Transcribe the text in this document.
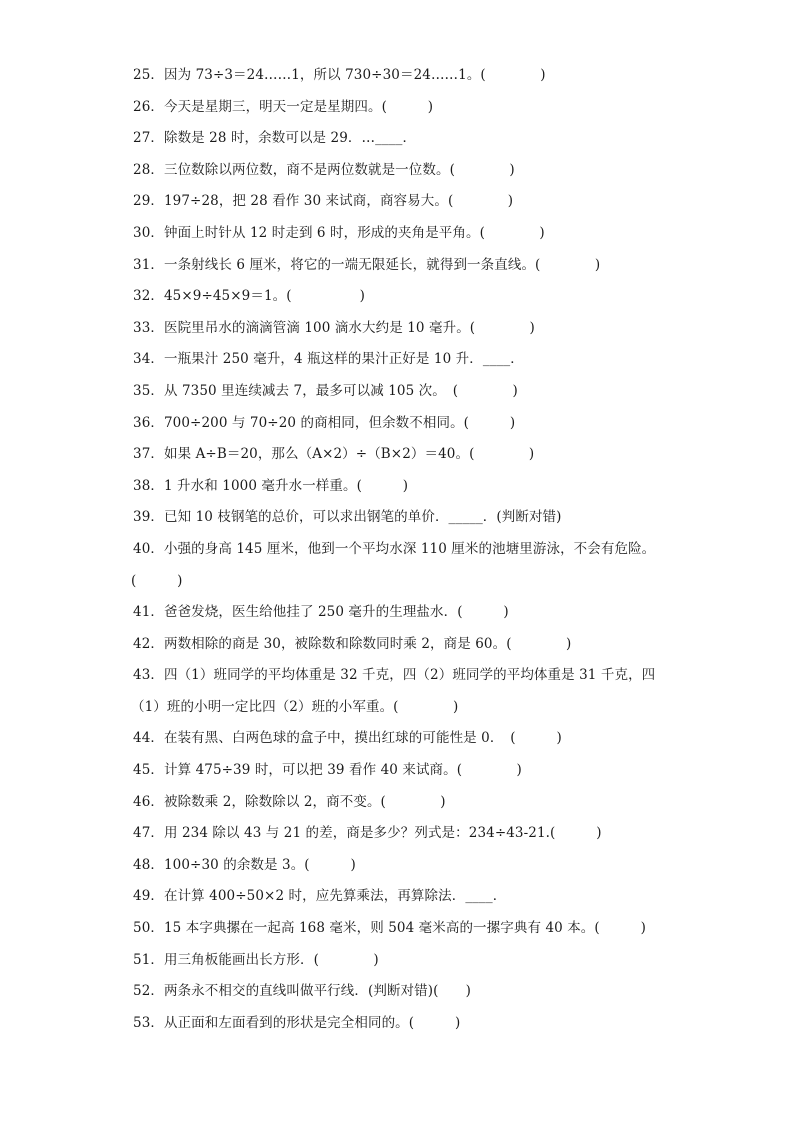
25．因为 73÷3＝24……1，所以 730÷30＝24……1。(　　　　)
26．今天是星期三，明天一定是星期四。(　　　)
27．除数是 28 时，余数可以是 29．…____．
28．三位数除以两位数，商不是两位数就是一位数。(　　　　)
29．197÷28，把 28 看作 30 来试商，商容易大。(　　　　)
30．钟面上时针从 12 时走到 6 时，形成的夹角是平角。(　　　　)
31．一条射线长 6 厘米，将它的一端无限延长，就得到一条直线。(　　　　)
32．45×9÷45×9＝1。(　　　　　)
33．医院里吊水的滴滴管滴 100 滴水大约是 10 毫升。(　　　　)
34．一瓶果汁 250 毫升，4 瓶这样的果汁正好是 10 升．____．
35．从 7350 里连续减去 7，最多可以减 105 次。　(　　　　)
36．700÷200 与 70÷20 的商相同，但余数不相同。(　　　)
37．如果 A÷B＝20，那么（A×2）÷（B×2）＝40。(　　　　)
38．1 升水和 1000 毫升水一样重。(　　　)
39．已知 10 枝钢笔的总价，可以求出钢笔的单价．_____．(判断对错)
40．小强的身高 145 厘米，他到一个平均水深 110 厘米的池塘里游泳，不会有危险。
(　　　)
41．爸爸发烧，医生给他挂了 250 毫升的生理盐水．(　　　)
42．两数相除的商是 30，被除数和除数同时乘 2，商是 60。(　　　　)
43．四（1）班同学的平均体重是 32 千克，四（2）班同学的平均体重是 31 千克，四
（1）班的小明一定比四（2）班的小军重。(　　　　)
44．在装有黑、白两色球的盒子中，摸出红球的可能性是 0．　(　　　)
45．计算 475÷39 时，可以把 39 看作 40 来试商。(　　　　)
46．被除数乘 2，除数除以 2，商不变。(　　　　)
47．用 234 除以 43 与 21 的差，商是多少？列式是：234÷43-21.(　　　)
48．100÷30 的余数是 3。(　　　)
49．在计算 400÷50×2 时，应先算乘法，再算除法．____．
50．15 本字典摞在一起高 168 毫米，则 504 毫米高的一摞字典有 40 本。(　　　)
51．用三角板能画出长方形．(　　　　)
52．两条永不相交的直线叫做平行线．(判断对错)(　　)
53．从正面和左面看到的形状是完全相同的。(　　　)
